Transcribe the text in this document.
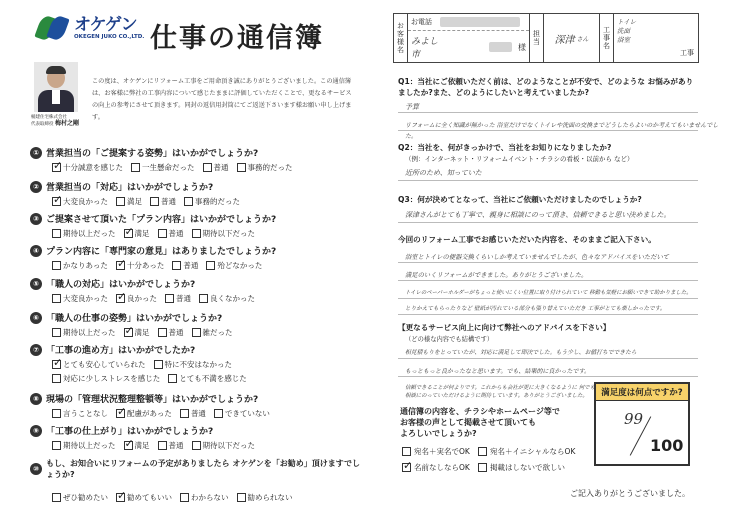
オケゲン
OKEGEN JUKO CO.,LTD. 仕事の通信簿
桶建住宅株式会社
代表取締役 梅村之剛
この度は、オケゲンにリフォーム工事をご用命頂き誠にありがとうございました。この通信簿は、お客様に弊社の工事内容について感じたままに評価していただくことで、更なるサービスの向上の参考にさせて頂きます。同封の返信用封筒にてご返送下さいます様お願い申し上げます。
① 営業担当の「ご提案する姿勢」はいかがでしょうか?
✓
十分誠意を感じた	一生懸命だった	普通	事務的だった
② 営業担当の「対応」はいかがでしょうか?
✓
大変良かった	満足	普通	事務的だった
③ ご提案させて頂いた「プラン内容」はいかがでしょうか?
期待以上だった ✓	満足	普通	期待以下だった
④ プラン内容に「専門家の意見」はありましたでしょうか?
かなりあった ✓	十分あった	普通	殆どなかった
⑤ 「職人の対応」はいかがでしょうか?
大変良かった ✓	良かった	普通	良くなかった
⑥ 「職人の仕事の姿勢」はいかがでしょうか?
期待以上だった ✓	満足	普通	雑だった
⑦ 「工事の進め方」はいかがでしたか?
✓
とても安心していられた	特に不安はなかった
対応に少しストレスを感じた	とても不満を感じた
⑧ 現場の「管理状況整理整頓等」はいかがでしょうか?
言うことなし ✓	配慮があった	普通	できていない
⑨ 「工事の仕上がり」はいかがでしょうか?
期待以上だった ✓	満足	普通	期待以下だった
⑩
もし、お知合いにリフォームの予定がありましたら オケゲンを「お勧め」頂けますでしょうか?
ぜひ勧めたい ✓	勧めてもいい	わからない	勧められない
お客様名 お電話
みよし市
様
担当	深津 さん	工事名
トイレ
洗面
浴室
工事
Q1：当社にご依頼いただく前は、どのようなことが不安で、どのような お悩みがありましたか?また、どのようにしたいと考えていましたか?
予算
リフォームに全く知識が無かった 浴室だけでなくトイレや洗面の交換までどうしたらよいのか考えてもいませんでした。
Q2：当社を、何がきっかけで、当社をお知りになりましたか?
（例：インターネット・リフォームイベント・チラシの看板・以前から など）
近所のため、知っていた
Q3：何が決めてとなって、当社にご依頼いただけましたのでしょうか?
深津さんがとても丁寧で、親身に相談にのって頂き、信頼できると思い決めました。
今回のリフォーム工事でお感じいただいた内容を、そのままご記入下さい。
浴室とトイレの便器交換くらいしか考えていませんでしたが、色々なアドバイスをいただいて
満足のいくリフォームができました。ありがとうございました。
トイレのペーパーホルダーがちょっと使いにくい位置に取り付けられていて 移動も気軽にお願いできて助かりました。
とりかえてもらったりなど 壁紙が汚れている部分も張り替えていただき 工事がとても楽しかったです。
【更なるサービス向上に向けて弊社へのアドバイスを下さい】
（どの様な内容でも結構です）
相見積もりをとっていたが、対応に満足して即決でした。もう少し、お値打ちでできたら
もっともっと良かったなと思います。でも、結果的に良かったです。
信頼できることが何よりです。これからも会社が更に大きくなるように 何でも相談にのっていただけるように期待しています。ありがとうございました。
通信簿の内容を、チラシやホームページ等で
お客様の声として掲載させて頂いても
よろしいでしょうか?
宛名＋実名でOK	宛名＋イニシャルならOK
✓
名前なしならOK	掲載はしないで欲しい
満足度は何点ですか?
99
100
ご記入ありがとうございました。
